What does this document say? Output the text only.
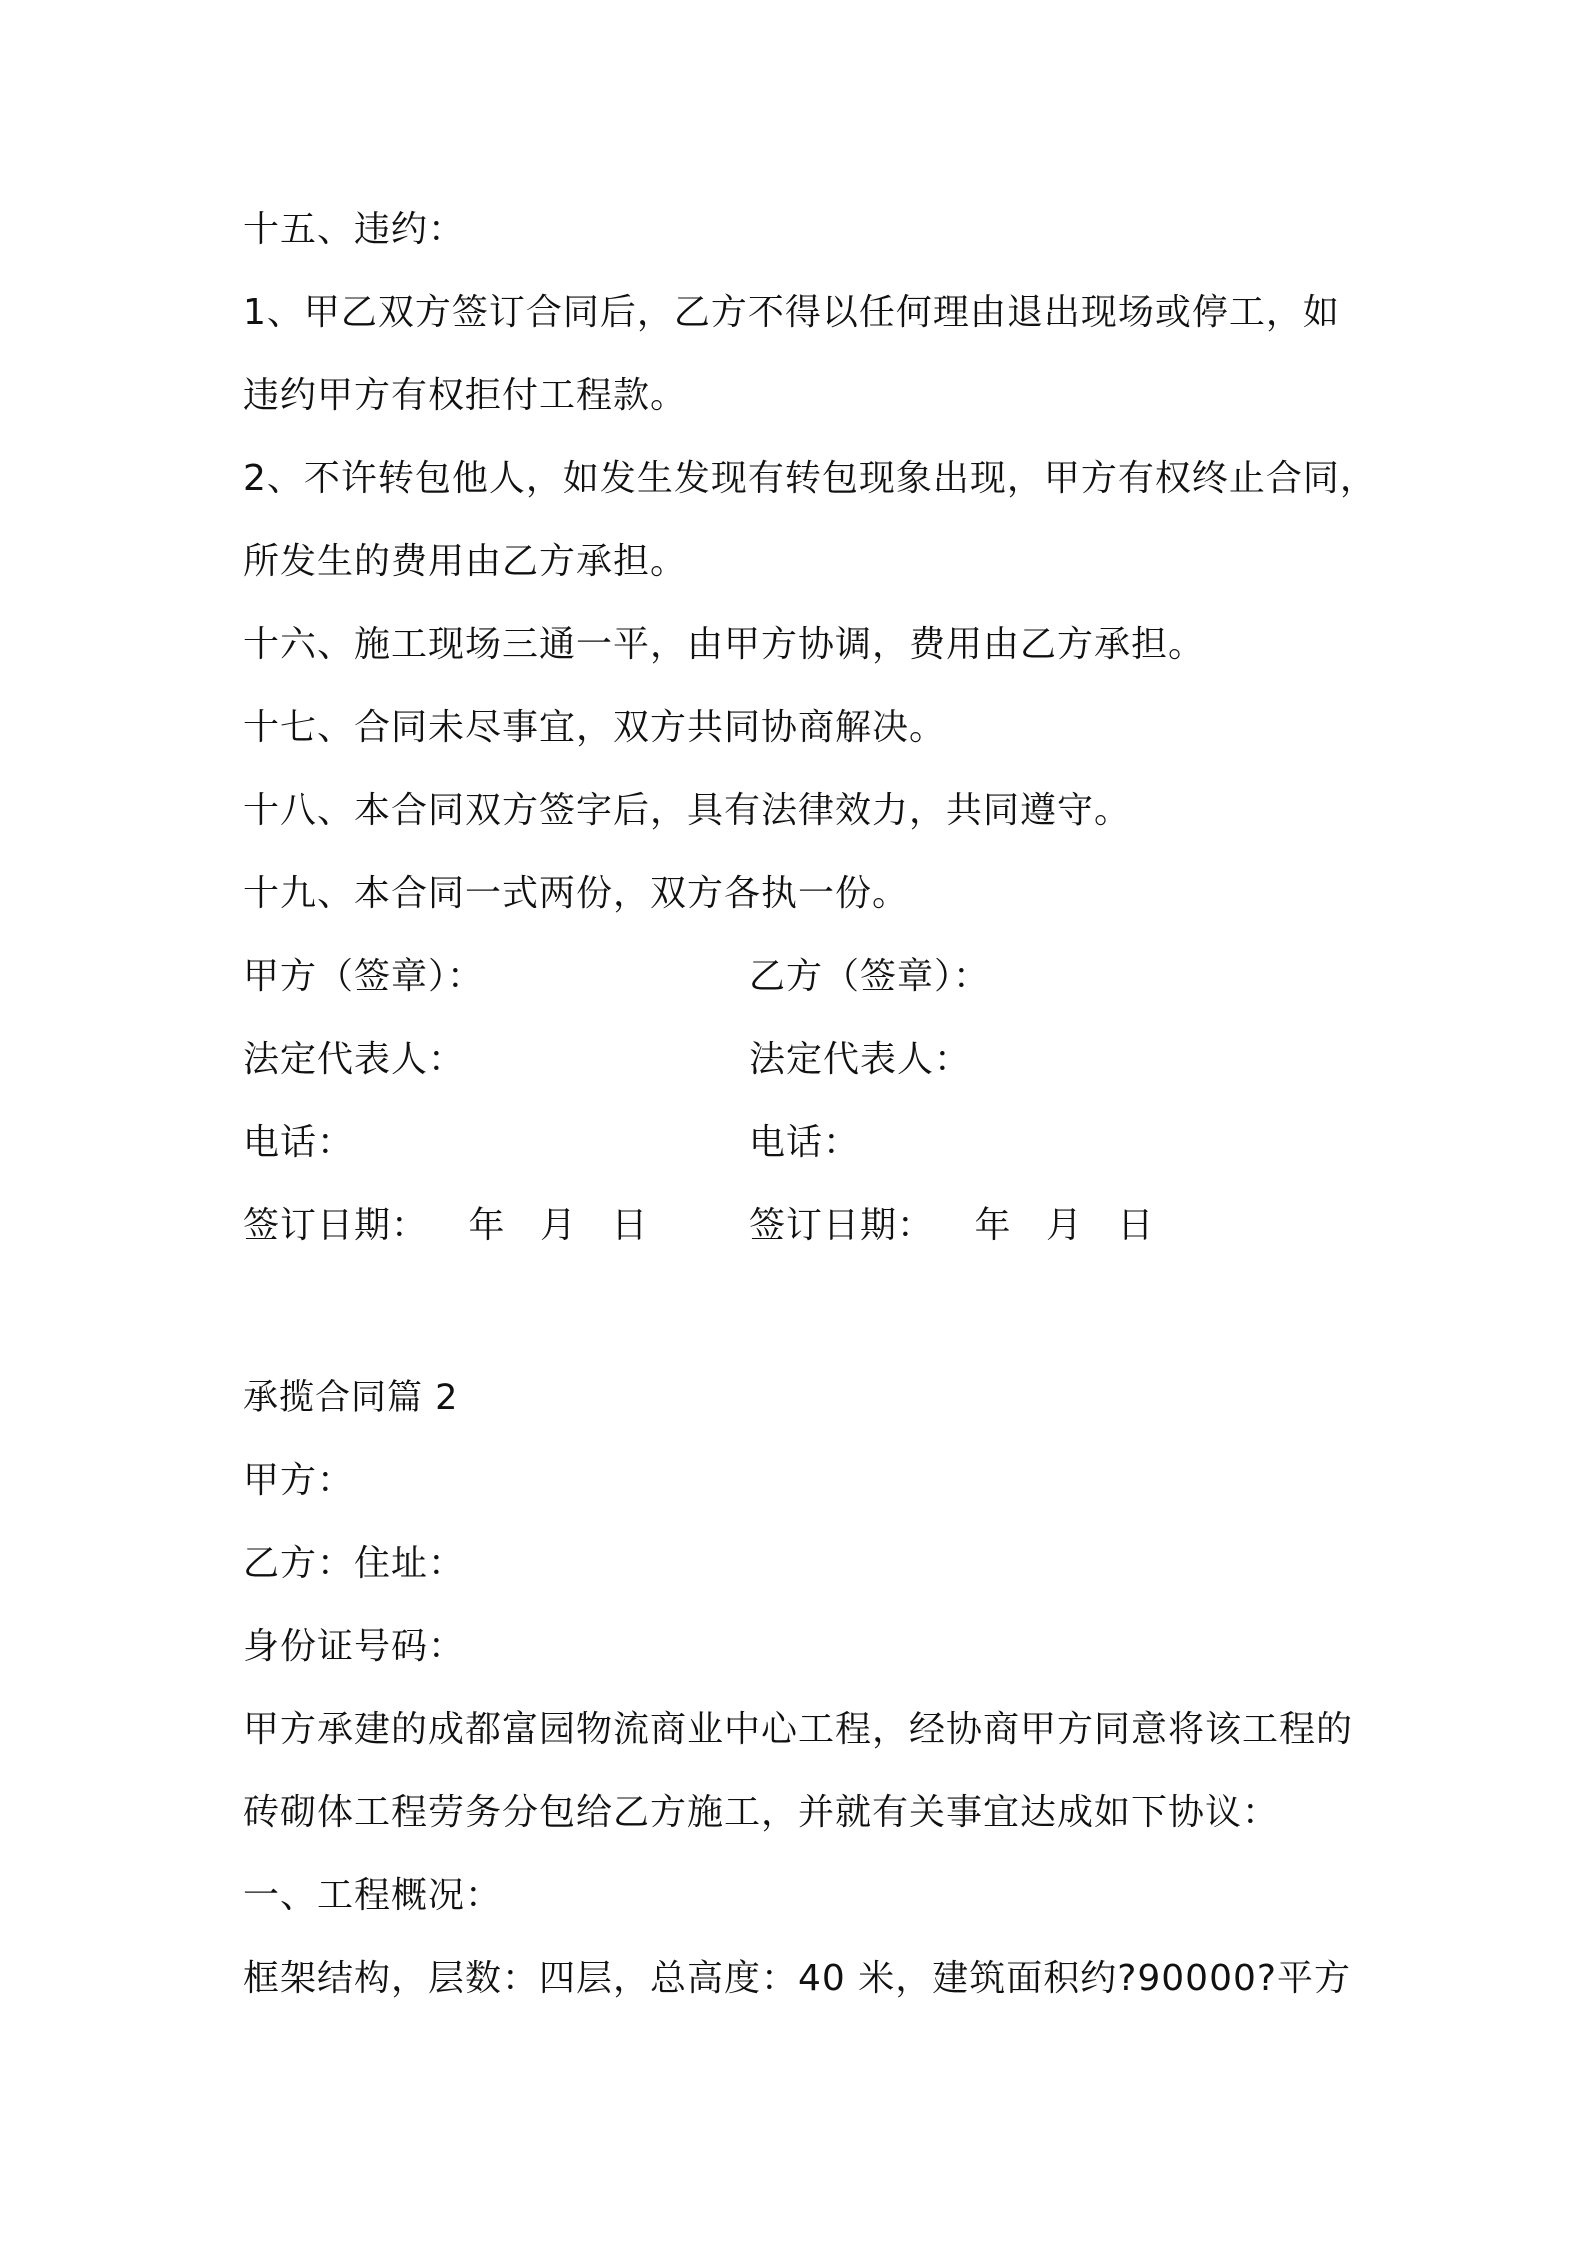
十五、违约：
1、甲乙双方签订合同后，乙方不得以任何理由退出现场或停工，如
违约甲方有权拒付工程款。
2、不许转包他人，如发生发现有转包现象出现，甲方有权终止合同，
所发生的费用由乙方承担。
十六、施工现场三通一平，由甲方协调，费用由乙方承担。
十七、合同未尽事宜，双方共同协商解决。
十八、本合同双方签字后，具有法律效力，共同遵守。
十九、本合同一式两份，双方各执一份。
甲方（签章）：	乙方（签章）：
法定代表人：	法定代表人：
电话：	电话：
签订日期： 年 月 日	签订日期： 年 月 日
承揽合同篇 2
甲方：
乙方：住址：
身份证号码：
甲方承建的成都富园物流商业中心工程，经协商甲方同意将该工程的
砖砌体工程劳务分包给乙方施工，并就有关事宜达成如下协议：
一、工程概况：
框架结构，层数：四层，总高度：40 米，建筑面积约?90000?平方
